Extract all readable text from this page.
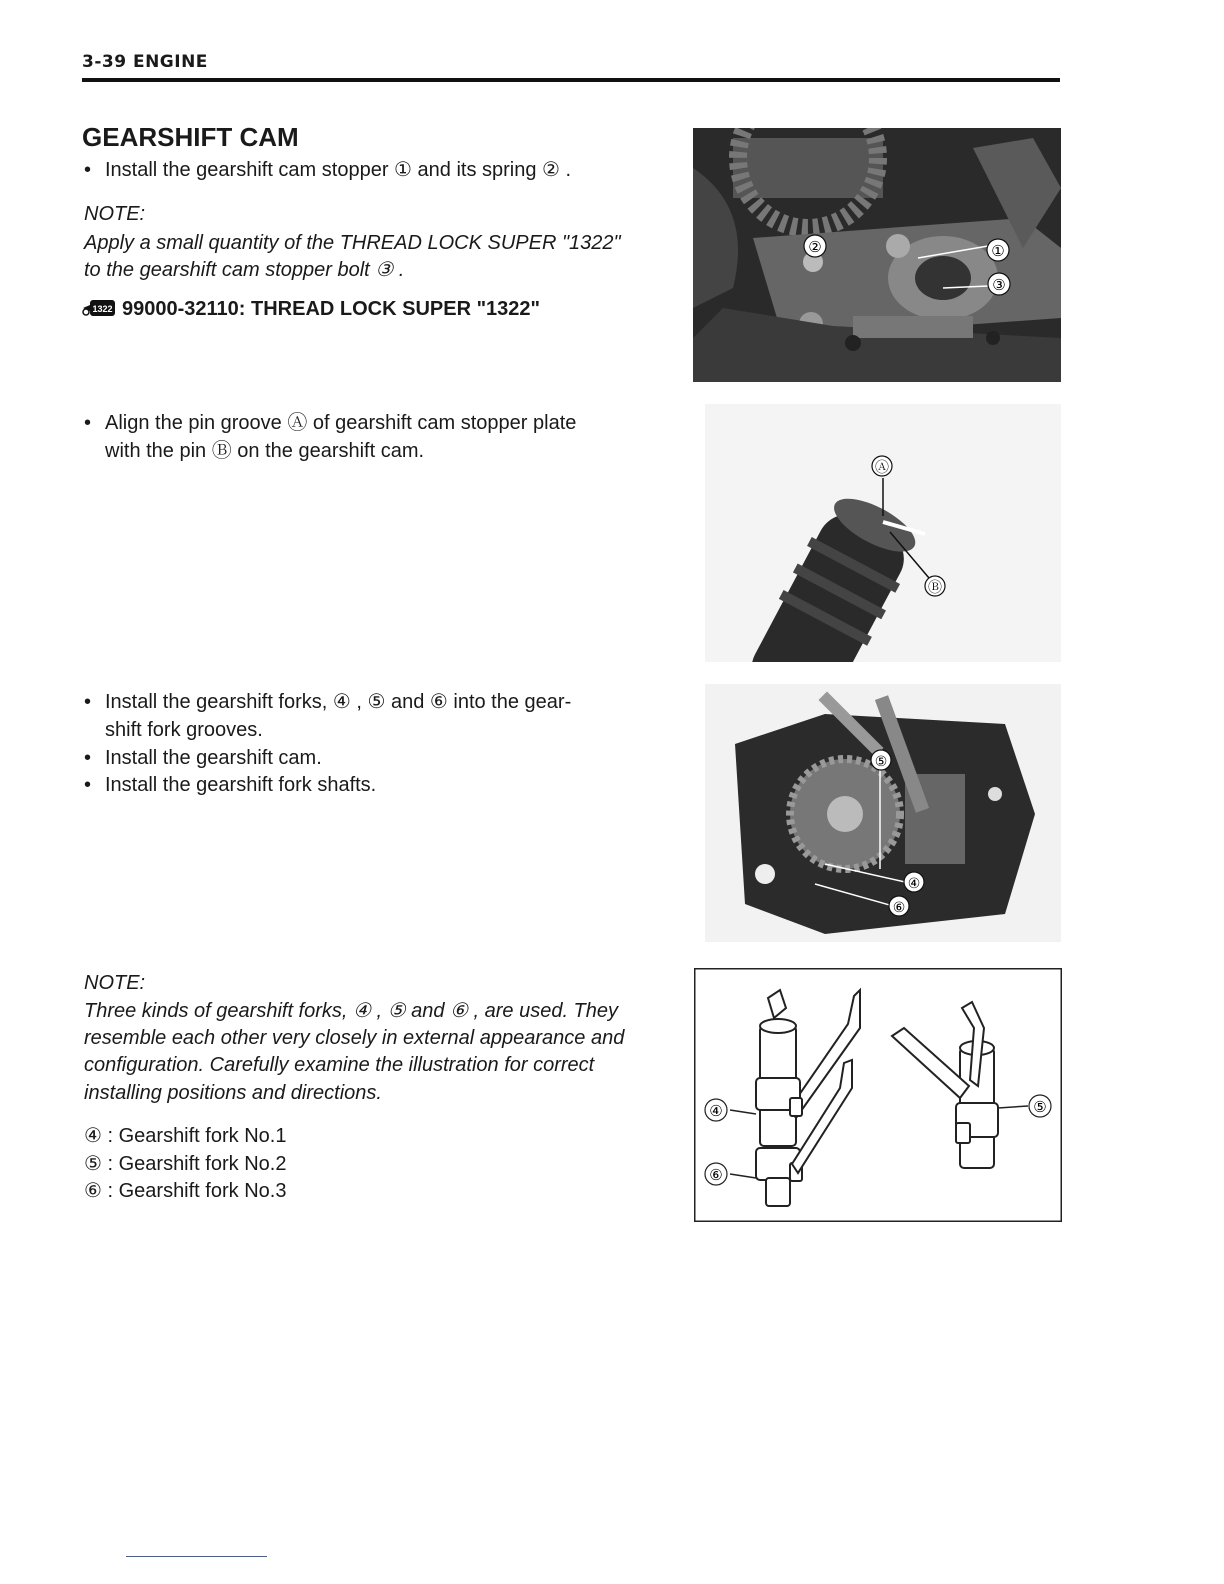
3-39 ENGINE
GEARSHIFT CAM
• Install the gearshift cam stopper ① and its spring ② .
NOTE:
Apply a small quantity of the THREAD LOCK SUPER "1322"
to the gearshift cam stopper bolt ③ .
1322 99000-32110: THREAD LOCK SUPER "1322"
• Align the pin groove Ⓐ of gearshift cam stopper plate
with the pin Ⓑ on the gearshift cam.
• Install the gearshift forks, ④ , ⑤ and ⑥ into the gear-
shift fork grooves.
• Install the gearshift cam.
• Install the gearshift fork shafts.
NOTE:
Three kinds of gearshift forks, ④ , ⑤ and ⑥ , are used. They
resemble each other very closely in external appearance and
configuration. Carefully examine the illustration for correct
installing positions and directions.
④ : Gearshift fork No.1
⑤ : Gearshift fork No.2
⑥ : Gearshift fork No.3
①
②
③
Ⓐ
Ⓑ
⑤
④
⑥
④
⑥
⑤
